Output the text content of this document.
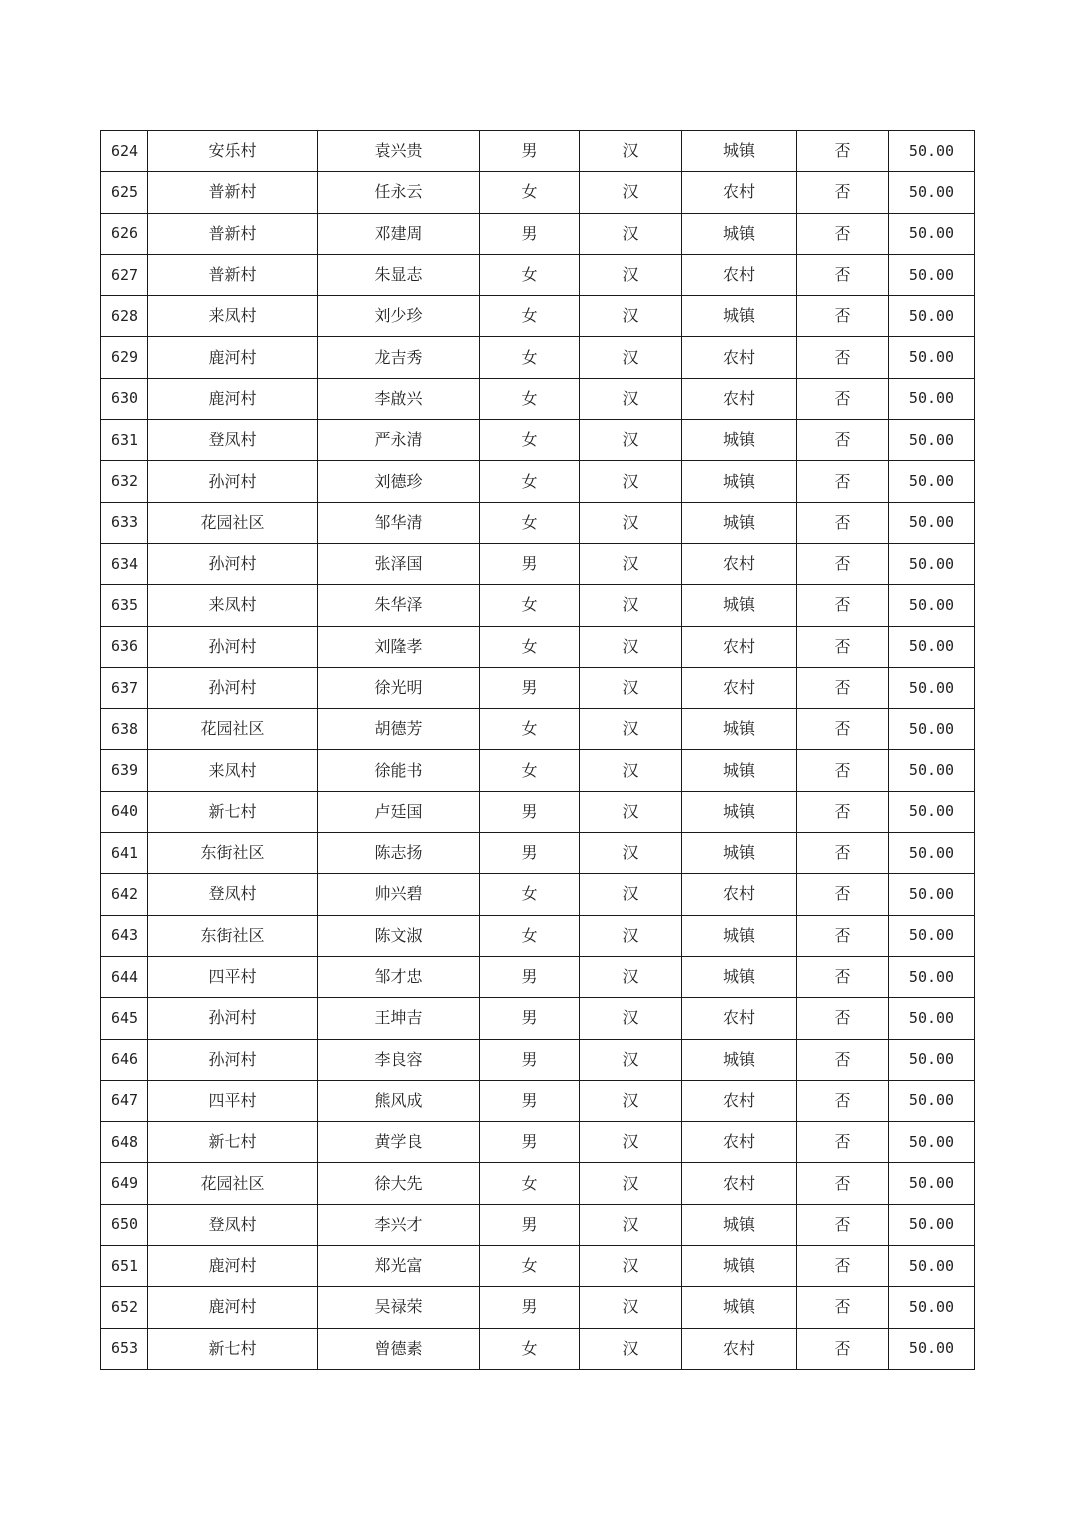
624	安乐村	袁兴贵	男	汉	城镇	否	50.00
625	普新村	任永云	女	汉	农村	否	50.00
626	普新村	邓建周	男	汉	城镇	否	50.00
627	普新村	朱显志	女	汉	农村	否	50.00
628	来凤村	刘少珍	女	汉	城镇	否	50.00
629	鹿河村	龙吉秀	女	汉	农村	否	50.00
630	鹿河村	李啟兴	女	汉	农村	否	50.00
631	登凤村	严永清	女	汉	城镇	否	50.00
632	孙河村	刘德珍	女	汉	城镇	否	50.00
633	花园社区	邹华清	女	汉	城镇	否	50.00
634	孙河村	张泽国	男	汉	农村	否	50.00
635	来凤村	朱华泽	女	汉	城镇	否	50.00
636	孙河村	刘隆孝	女	汉	农村	否	50.00
637	孙河村	徐光明	男	汉	农村	否	50.00
638	花园社区	胡德芳	女	汉	城镇	否	50.00
639	来凤村	徐能书	女	汉	城镇	否	50.00
640	新七村	卢廷国	男	汉	城镇	否	50.00
641	东街社区	陈志扬	男	汉	城镇	否	50.00
642	登凤村	帅兴碧	女	汉	农村	否	50.00
643	东街社区	陈文淑	女	汉	城镇	否	50.00
644	四平村	邹才忠	男	汉	城镇	否	50.00
645	孙河村	王坤吉	男	汉	农村	否	50.00
646	孙河村	李良容	男	汉	城镇	否	50.00
647	四平村	熊风成	男	汉	农村	否	50.00
648	新七村	黄学良	男	汉	农村	否	50.00
649	花园社区	徐大先	女	汉	农村	否	50.00
650	登凤村	李兴才	男	汉	城镇	否	50.00
651	鹿河村	郑光富	女	汉	城镇	否	50.00
652	鹿河村	吴禄荣	男	汉	城镇	否	50.00
653	新七村	曾德素	女	汉	农村	否	50.00
